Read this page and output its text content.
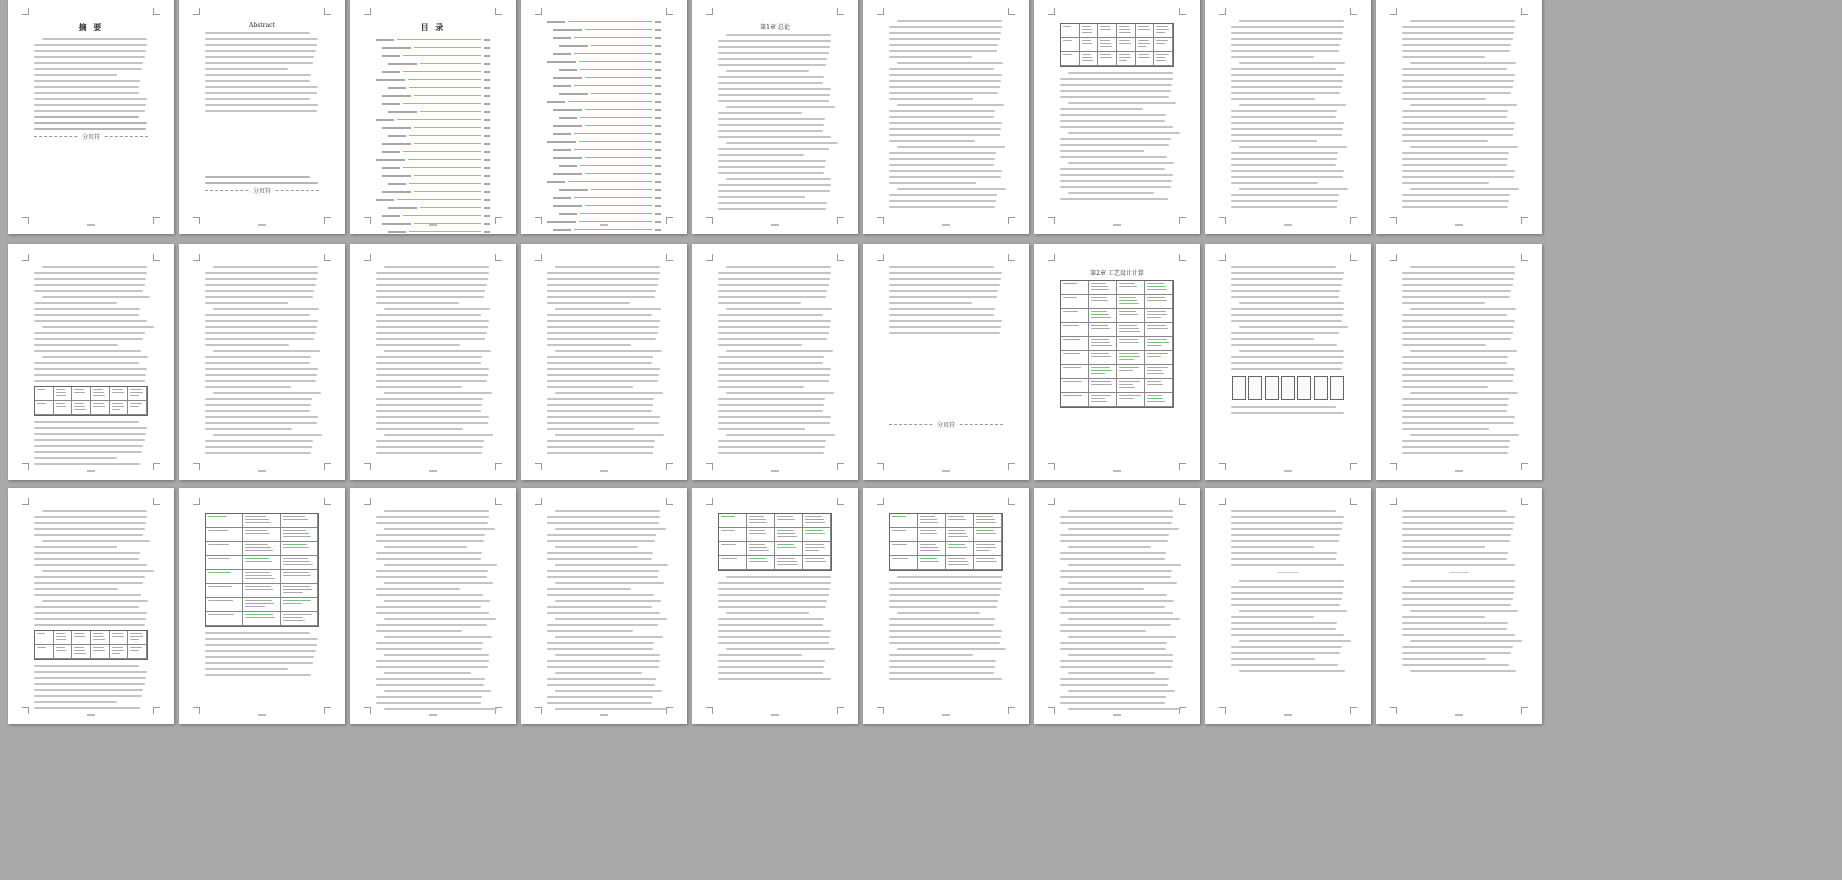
摘 要
分页符
Abstract
分页符
目 录	第1章 总论
分页符
第2章 工艺设计计算
————	————
